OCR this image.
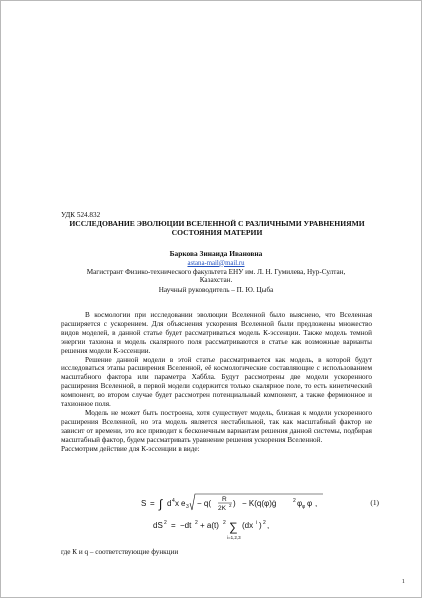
УДК 524.832
ИССЛЕДОВАНИЕ ЭВОЛЮЦИИ ВСЕЛЕННОЙ С РАЗЛИЧНЫМИ УРАВНЕНИЯМИ СОСТОЯНИЯ МАТЕРИИ
Баркова Зинаида Ивановна
astana-mail@mail.ru
Магистрант Физико-технического факультета ЕНУ им. Л. Н. Гумилева, Нур-Султан,
Казахстан.
Научный руководитель – П. Ю. Цыба

В космологии при исследовании эволюции Вселенной было выяснено, что Вселенная расширяется с ускорением. Для объяснения ускорения Вселенной были предложены множество видов моделей, в данной статье будет рассматриваться модель К-эссенции. Также модель темной энергии тахиона и модель скалярного поля рассматриваются в статье как возможные варианты решения модели К-эссенции.

Решение данной модели в этой статье рассматривается как модель, в которой будут исследоваться этапы расширения Вселенной, её космологические составляющие с использованием масштабного фактора или параметра Хаббла. Будут рассмотрены две модели ускоренного расширения Вселенной, в первой модели содержится только скалярное поле, то есть кинетический компонент, во втором случае будет рассмотрен потенциальный компонент, а также фермионное и тахионное поля.

Модель не может быть построена, хотя существует модель, близкая к модели ускоренного расширения Вселенной, но эта модель является нестабильной, так как масштабный фактор не зависит от времени, это все приводит к бесконечным вариантам решения данной системы, подбирая масштабный фактор, будем рассматривать уравнение решения ускорения Вселенной.

Рассмотрим действие для К-эссенции в виде:

S = ∫ d 4 x e 3 − q( R
2K 2 ) − K(q(φ)ġ	2 φ φ φ ,
dS 2 = −dt 2 + a(t) 2 ∑
i=1,2,3
(dx i ) 2 ,
(1)
где К и q – соответствующие функции
1
